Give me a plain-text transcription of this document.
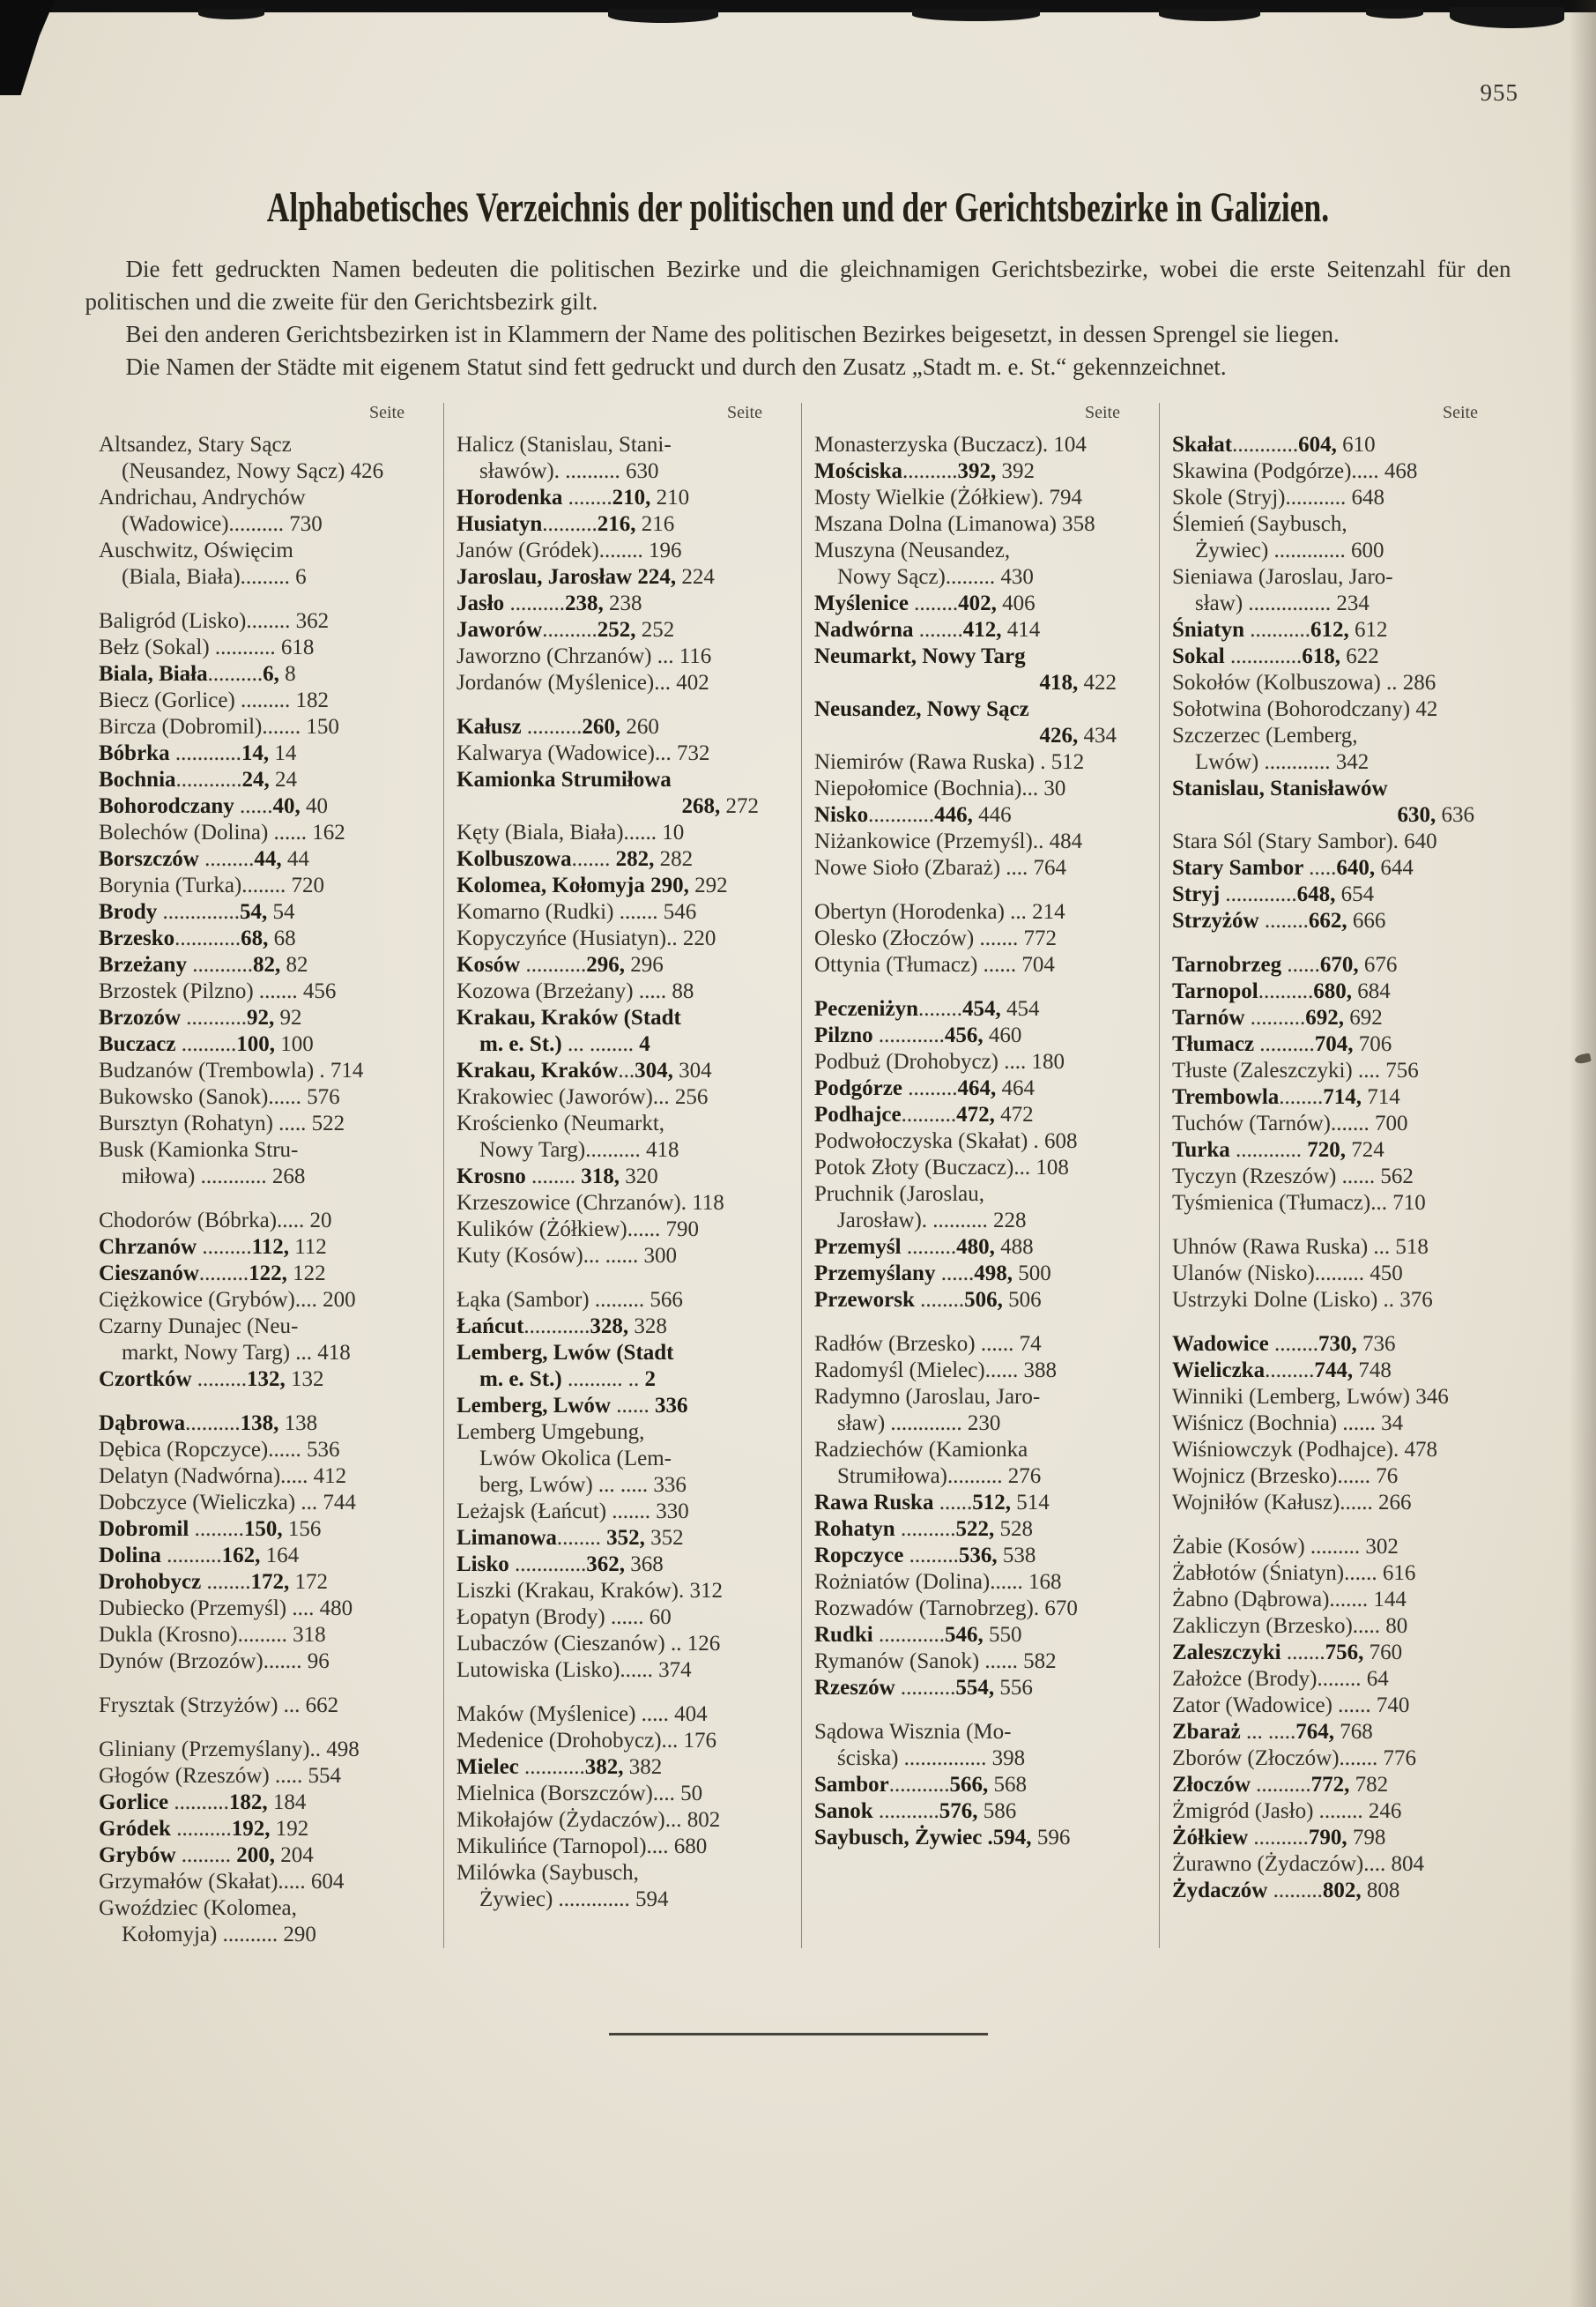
955
Alphabetisches Verzeichnis der politischen und der Gerichtsbezirke in Galizien.

Die fett gedruckten Namen bedeuten die politischen Bezirke und die gleichnamigen Gerichtsbezirke, wobei die erste Seitenzahl für den politischen und die zweite für den Gerichtsbezirk gilt.

Bei den anderen Gerichtsbezirken ist in Klammern der Name des politischen Bezirkes beigesetzt, in dessen Sprengel sie liegen.

Die Namen der Städte mit eigenem Statut sind fett gedruckt und durch den Zusatz „Stadt m. e. St.“ gekennzeichnet.

Seite
Altsandez, Stary Sącz
(Neusandez, Nowy Sącz) 426
Andrichau, Andrychów
(Wadowice).......... 730
Auschwitz, Oświęcim
(Biala, Biała)......... 6
Baligród (Lisko)........ 362
Bełz (Sokal) ........... 618
Biala, Biała..........6, 8
Biecz (Gorlice) ......... 182
Bircza (Dobromil)....... 150
Bóbrka ............14, 14
Bochnia............24, 24
Bohorodczany ......40, 40
Bolechów (Dolina) ...... 162
Borszczów .........44, 44
Borynia (Turka)........ 720
Brody ..............54, 54
Brzesko............68, 68
Brzeżany ...........82, 82
Brzostek (Pilzno) ....... 456
Brzozów ...........92, 92
Buczacz ..........100, 100
Budzanów (Trembowla) . 714
Bukowsko (Sanok)...... 576
Bursztyn (Rohatyn) ..... 522
Busk (Kamionka Stru-
miłowa) ............ 268
Chodorów (Bóbrka)..... 20
Chrzanów .........112, 112
Cieszanów.........122, 122
Ciężkowice (Grybów).... 200
Czarny Dunajec (Neu-
markt, Nowy Targ) ... 418
Czortków .........132, 132
Dąbrowa..........138, 138
Dębica (Ropczyce)...... 536
Delatyn (Nadwórna)..... 412
Dobczyce (Wieliczka) ... 744
Dobromil .........150, 156
Dolina ..........162, 164
Drohobycz ........172, 172
Dubiecko (Przemyśl) .... 480
Dukla (Krosno)......... 318
Dynów (Brzozów)....... 96
Frysztak (Strzyżów) ... 662
Gliniany (Przemyślany).. 498
Głogów (Rzeszów) ..... 554
Gorlice ..........182, 184
Gródek ..........192, 192
Grybów ......... 200, 204
Grzymałów (Skałat)..... 604
Gwoździec (Kolomea,
Kołomyja) .......... 290
Seite
Halicz (Stanislau, Stani-
sławów). .......... 630
Horodenka ........210, 210
Husiatyn..........216, 216
Janów (Gródek)........ 196
Jaroslau, Jarosław 224, 224
Jasło ..........238, 238
Jaworów..........252, 252
Jaworzno (Chrzanów) ... 116
Jordanów (Myślenice)... 402
Kałusz ..........260, 260
Kalwarya (Wadowice)... 732
Kamionka Strumiłowa
268, 272
Kęty (Biala, Biała)...... 10
Kolbuszowa....... 282, 282
Kolomea, Kołomyja 290, 292
Komarno (Rudki) ....... 546
Kopyczyńce (Husiatyn).. 220
Kosów ...........296, 296
Kozowa (Brzeżany) ..... 88
Krakau, Kraków (Stadt
m. e. St.) ... ........ 4
Krakau, Kraków...304, 304
Krakowiec (Jaworów)... 256
Krościenko (Neumarkt,
Nowy Targ).......... 418
Krosno ........ 318, 320
Krzeszowice (Chrzanów). 118
Kulików (Żółkiew)...... 790
Kuty (Kosów)... ...... 300
Łąka (Sambor) ......... 566
Łańcut............328, 328
Lemberg, Lwów (Stadt
m. e. St.) .......... .. 2
Lemberg, Lwów ...... 336
Lemberg Umgebung,
Lwów Okolica (Lem-
berg, Lwów) ... ..... 336
Leżajsk (Łańcut) ....... 330
Limanowa........ 352, 352
Lisko .............362, 368
Liszki (Krakau, Kraków). 312
Łopatyn (Brody) ...... 60
Lubaczów (Cieszanów) .. 126
Lutowiska (Lisko)...... 374
Maków (Myślenice) ..... 404
Medenice (Drohobycz)... 176
Mielec ...........382, 382
Mielnica (Borszczów).... 50
Mikołajów (Żydaczów)... 802
Mikulińce (Tarnopol).... 680
Milówka (Saybusch,
Żywiec) ............. 594
Seite
Monasterzyska (Buczacz). 104
Mościska..........392, 392
Mosty Wielkie (Żółkiew). 794
Mszana Dolna (Limanowa) 358
Muszyna (Neusandez,
Nowy Sącz)......... 430
Myślenice ........402, 406
Nadwórna ........412, 414
Neumarkt, Nowy Targ
418, 422
Neusandez, Nowy Sącz
426, 434
Niemirów (Rawa Ruska) . 512
Niepołomice (Bochnia)... 30
Nisko............446, 446
Niżankowice (Przemyśl).. 484
Nowe Sioło (Zbaraż) .... 764
Obertyn (Horodenka) ... 214
Olesko (Złoczów) ....... 772
Ottynia (Tłumacz) ...... 704
Peczeniżyn........454, 454
Pilzno ............456, 460
Podbuż (Drohobycz) .... 180
Podgórze .........464, 464
Podhajce..........472, 472
Podwołoczyska (Skałat) . 608
Potok Złoty (Buczacz)... 108
Pruchnik (Jaroslau,
Jarosław). .......... 228
Przemyśl .........480, 488
Przemyślany ......498, 500
Przeworsk ........506, 506
Radłów (Brzesko) ...... 74
Radomyśl (Mielec)...... 388
Radymno (Jaroslau, Jaro-
sław) ............. 230
Radziechów (Kamionka
Strumiłowa).......... 276
Rawa Ruska ......512, 514
Rohatyn ..........522, 528
Ropczyce .........536, 538
Rożniatów (Dolina)...... 168
Rozwadów (Tarnobrzeg). 670
Rudki ............546, 550
Rymanów (Sanok) ...... 582
Rzeszów ..........554, 556
Sądowa Wisznia (Mo-
ściska) ............... 398
Sambor...........566, 568
Sanok ...........576, 586
Saybusch, Żywiec .594, 596
Seite
Skałat............604, 610
Skawina (Podgórze)..... 468
Skole (Stryj)........... 648
Ślemień (Saybusch,
Żywiec) ............. 600
Sieniawa (Jaroslau, Jaro-
sław) ............... 234
Śniatyn ...........612, 612
Sokal .............618, 622
Sokołów (Kolbuszowa) .. 286
Sołotwina (Bohorodczany) 42
Szczerzec (Lemberg,
Lwów) ............ 342
Stanislau, Stanisławów
630, 636
Stara Sól (Stary Sambor). 640
Stary Sambor .....640, 644
Stryj .............648, 654
Strzyżów ........662, 666
Tarnobrzeg ......670, 676
Tarnopol..........680, 684
Tarnów ..........692, 692
Tłumacz ..........704, 706
Tłuste (Zaleszczyki) .... 756
Trembowla........714, 714
Tuchów (Tarnów)....... 700
Turka ............ 720, 724
Tyczyn (Rzeszów) ...... 562
Tyśmienica (Tłumacz)... 710
Uhnów (Rawa Ruska) ... 518
Ulanów (Nisko)......... 450
Ustrzyki Dolne (Lisko) .. 376
Wadowice ........730, 736
Wieliczka.........744, 748
Winniki (Lemberg, Lwów) 346
Wiśnicz (Bochnia) ...... 34
Wiśniowczyk (Podhajce). 478
Wojnicz (Brzesko)...... 76
Wojniłów (Kałusz)...... 266
Żabie (Kosów) ......... 302
Żabłotów (Śniatyn)...... 616
Żabno (Dąbrowa)....... 144
Zakliczyn (Brzesko)..... 80
Zaleszczyki .......756, 760
Założce (Brody)........ 64
Zator (Wadowice) ...... 740
Zbaraż ... .....764, 768
Zborów (Złoczów)....... 776
Złoczów ..........772, 782
Żmigród (Jasło) ........ 246
Żółkiew ..........790, 798
Żurawno (Żydaczów).... 804
Żydaczów .........802, 808
